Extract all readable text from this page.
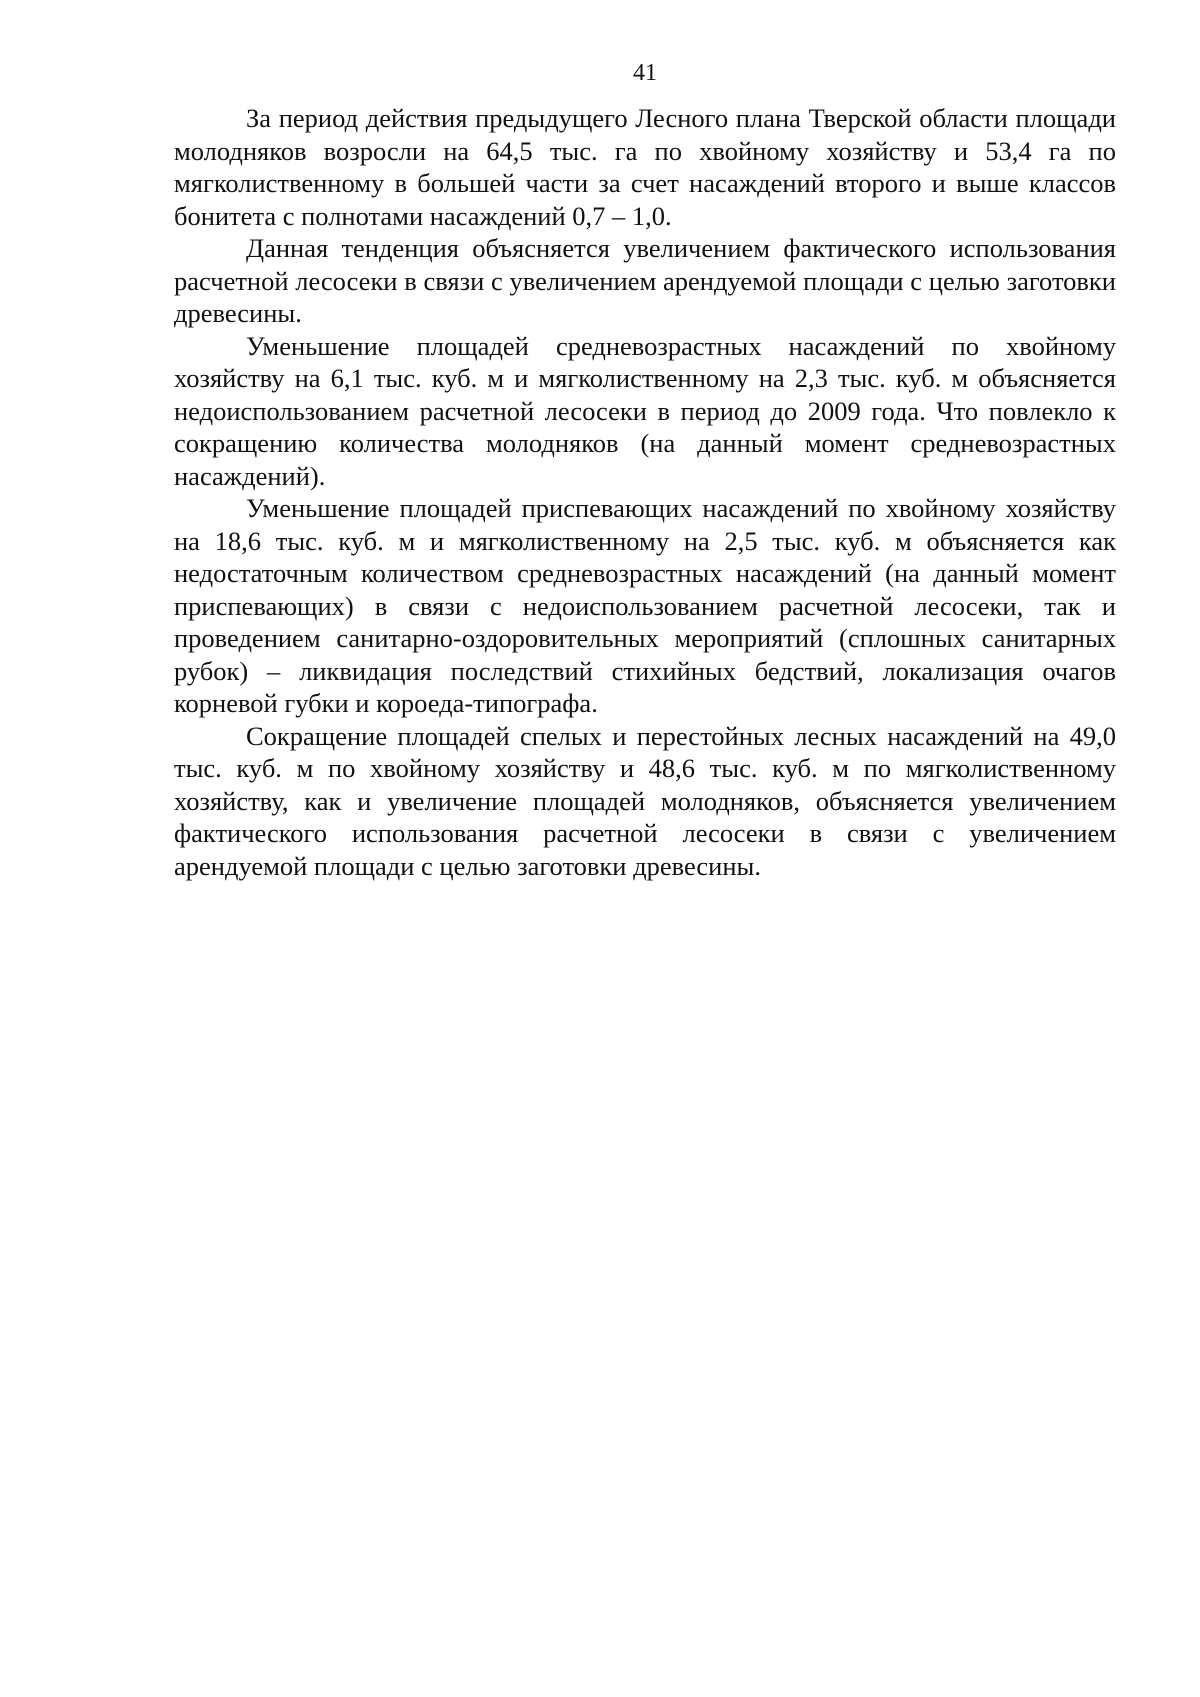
41

За период действия предыдущего Лесного плана Тверской области площади молодняков возросли на 64,5 тыс. га по хвойному хозяйству и 53,4 га по мягколиственному в большей части за счет насаждений второго и выше классов бонитета с полнотами насаждений 0,7 – 1,0.

Данная тенденция объясняется увеличением фактического использования расчетной лесосеки в связи с увеличением арендуемой площади с целью заготовки древесины.

Уменьшение площадей средневозрастных насаждений по хвойному хозяйству на 6,1 тыс. куб. м и мягколиственному на 2,3 тыс. куб. м объясняется недоиспользованием расчетной лесосеки в период до 2009 года. Что повлекло к сокращению количества молодняков (на данный момент средневозрастных насаждений).

Уменьшение площадей приспевающих насаждений по хвойному хозяйству на 18,6 тыс. куб. м и мягколиственному на 2,5 тыс. куб. м объясняется как недостаточным количеством средневозрастных насаждений (на данный момент приспевающих) в связи с недоиспользованием расчетной лесосеки, так и проведением санитарно-оздоровительных мероприятий (сплошных санитарных рубок) – ликвидация последствий стихийных бедствий, локализация очагов корневой губки и короеда-типографа.

Сокращение площадей спелых и перестойных лесных насаждений на 49,0 тыс. куб. м по хвойному хозяйству и 48,6 тыс. куб. м по мягколиственному хозяйству, как и увеличение площадей молодняков, объясняется увеличением фактического использования расчетной лесосеки в связи с увеличением арендуемой площади с целью заготовки древесины.
